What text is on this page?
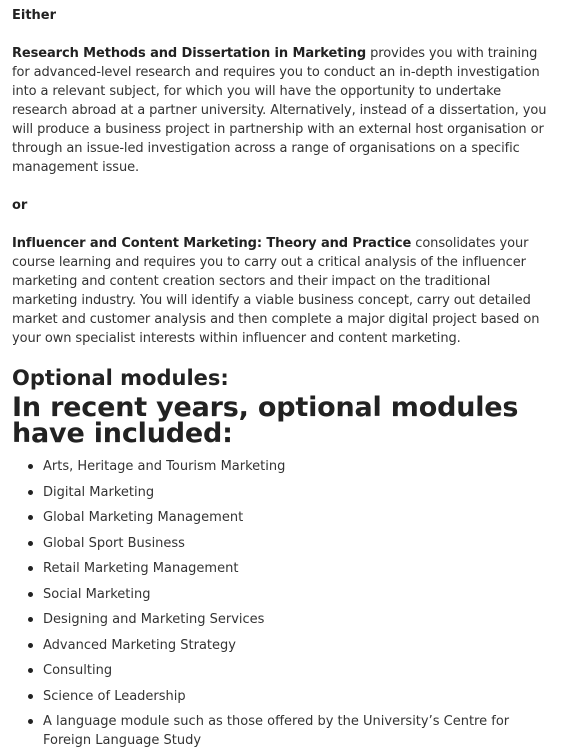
Either

Research Methods and Dissertation in Marketing provides you with training for advanced-level research and requires you to conduct an in-depth investigation into a relevant subject, for which you will have the opportunity to undertake research abroad at a partner university. Alternatively, instead of a dissertation, you will produce a business project in partnership with an external host organisation or through an issue-led investigation across a range of organisations on a specific management issue.

or

Influencer and Content Marketing: Theory and Practice consolidates your course learning and requires you to carry out a critical analysis of the influencer marketing and content creation sectors and their impact on the traditional marketing industry. You will identify a viable business concept, carry out detailed market and customer analysis and then complete a major digital project based on your own specialist interests within influencer and content marketing.

Optional modules:
In recent years, optional modules have included:
Arts, Heritage and Tourism Marketing
Digital Marketing
Global Marketing Management
Global Sport Business
Retail Marketing Management
Social Marketing
Designing and Marketing Services
Advanced Marketing Strategy
Consulting
Science of Leadership
A language module such as those offered by the University’s Centre for Foreign Language Study
